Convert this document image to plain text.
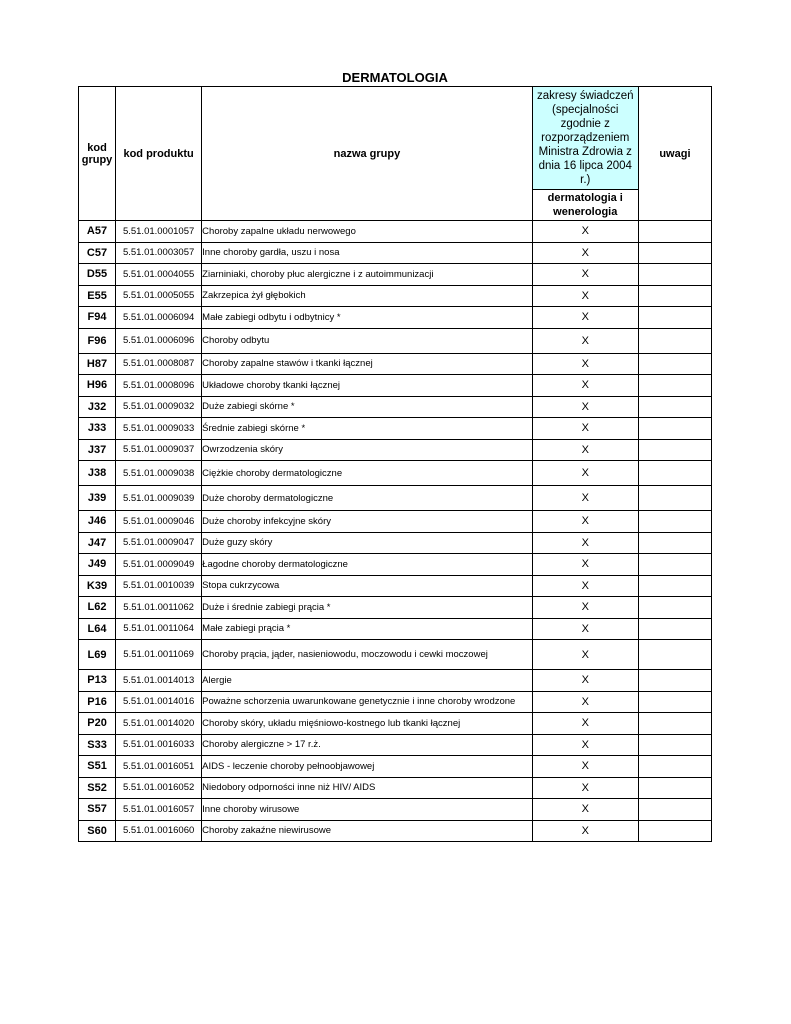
DERMATOLOGIA
kod grupy	kod produktu	nazwa grupy	zakresy świadczeń (specjalności zgodnie z rozporządzeniem Ministra Zdrowia z dnia 16 lipca 2004 r.)	uwagi
			dermatologia i wenerologia	
A57	5.51.01.0001057	Choroby zapalne układu nerwowego	X	
C57	5.51.01.0003057	Inne choroby gardła, uszu i nosa	X	
D55	5.51.01.0004055	Ziarniniaki, choroby płuc alergiczne i z autoimmunizacji	X	
E55	5.51.01.0005055	Zakrzepica żył głębokich	X	
F94	5.51.01.0006094	Małe zabiegi odbytu i odbytnicy *	X	
F96	5.51.01.0006096	Choroby odbytu	X	
H87	5.51.01.0008087	Choroby zapalne stawów i tkanki łącznej	X	
H96	5.51.01.0008096	Układowe choroby tkanki łącznej	X	
J32	5.51.01.0009032	Duże zabiegi skórne *	X	
J33	5.51.01.0009033	Średnie zabiegi skórne *	X	
J37	5.51.01.0009037	Owrzodzenia skóry	X	
J38	5.51.01.0009038	Ciężkie choroby dermatologiczne	X	
J39	5.51.01.0009039	Duże choroby dermatologiczne	X	
J46	5.51.01.0009046	Duże choroby infekcyjne skóry	X	
J47	5.51.01.0009047	Duże guzy skóry	X	
J49	5.51.01.0009049	Łagodne choroby dermatologiczne	X	
K39	5.51.01.0010039	Stopa cukrzycowa	X	
L62	5.51.01.0011062	Duże i średnie zabiegi prącia *	X	
L64	5.51.01.0011064	Małe zabiegi prącia *	X	
L69	5.51.01.0011069	Choroby prącia, jąder, nasieniowodu, moczowodu i cewki moczowej	X	
P13	5.51.01.0014013	Alergie	X	
P16	5.51.01.0014016	Poważne schorzenia uwarunkowane genetycznie i inne choroby wrodzone	X	
P20	5.51.01.0014020	Choroby skóry, układu mięśniowo-kostnego lub tkanki łącznej	X	
S33	5.51.01.0016033	Choroby alergiczne > 17 r.ż.	X	
S51	5.51.01.0016051	AIDS - leczenie choroby pełnoobjawowej	X	
S52	5.51.01.0016052	Niedobory odporności inne niż HIV/ AIDS	X	
S57	5.51.01.0016057	Inne choroby wirusowe	X	
S60	5.51.01.0016060	Choroby zakaźne niewirusowe	X	
